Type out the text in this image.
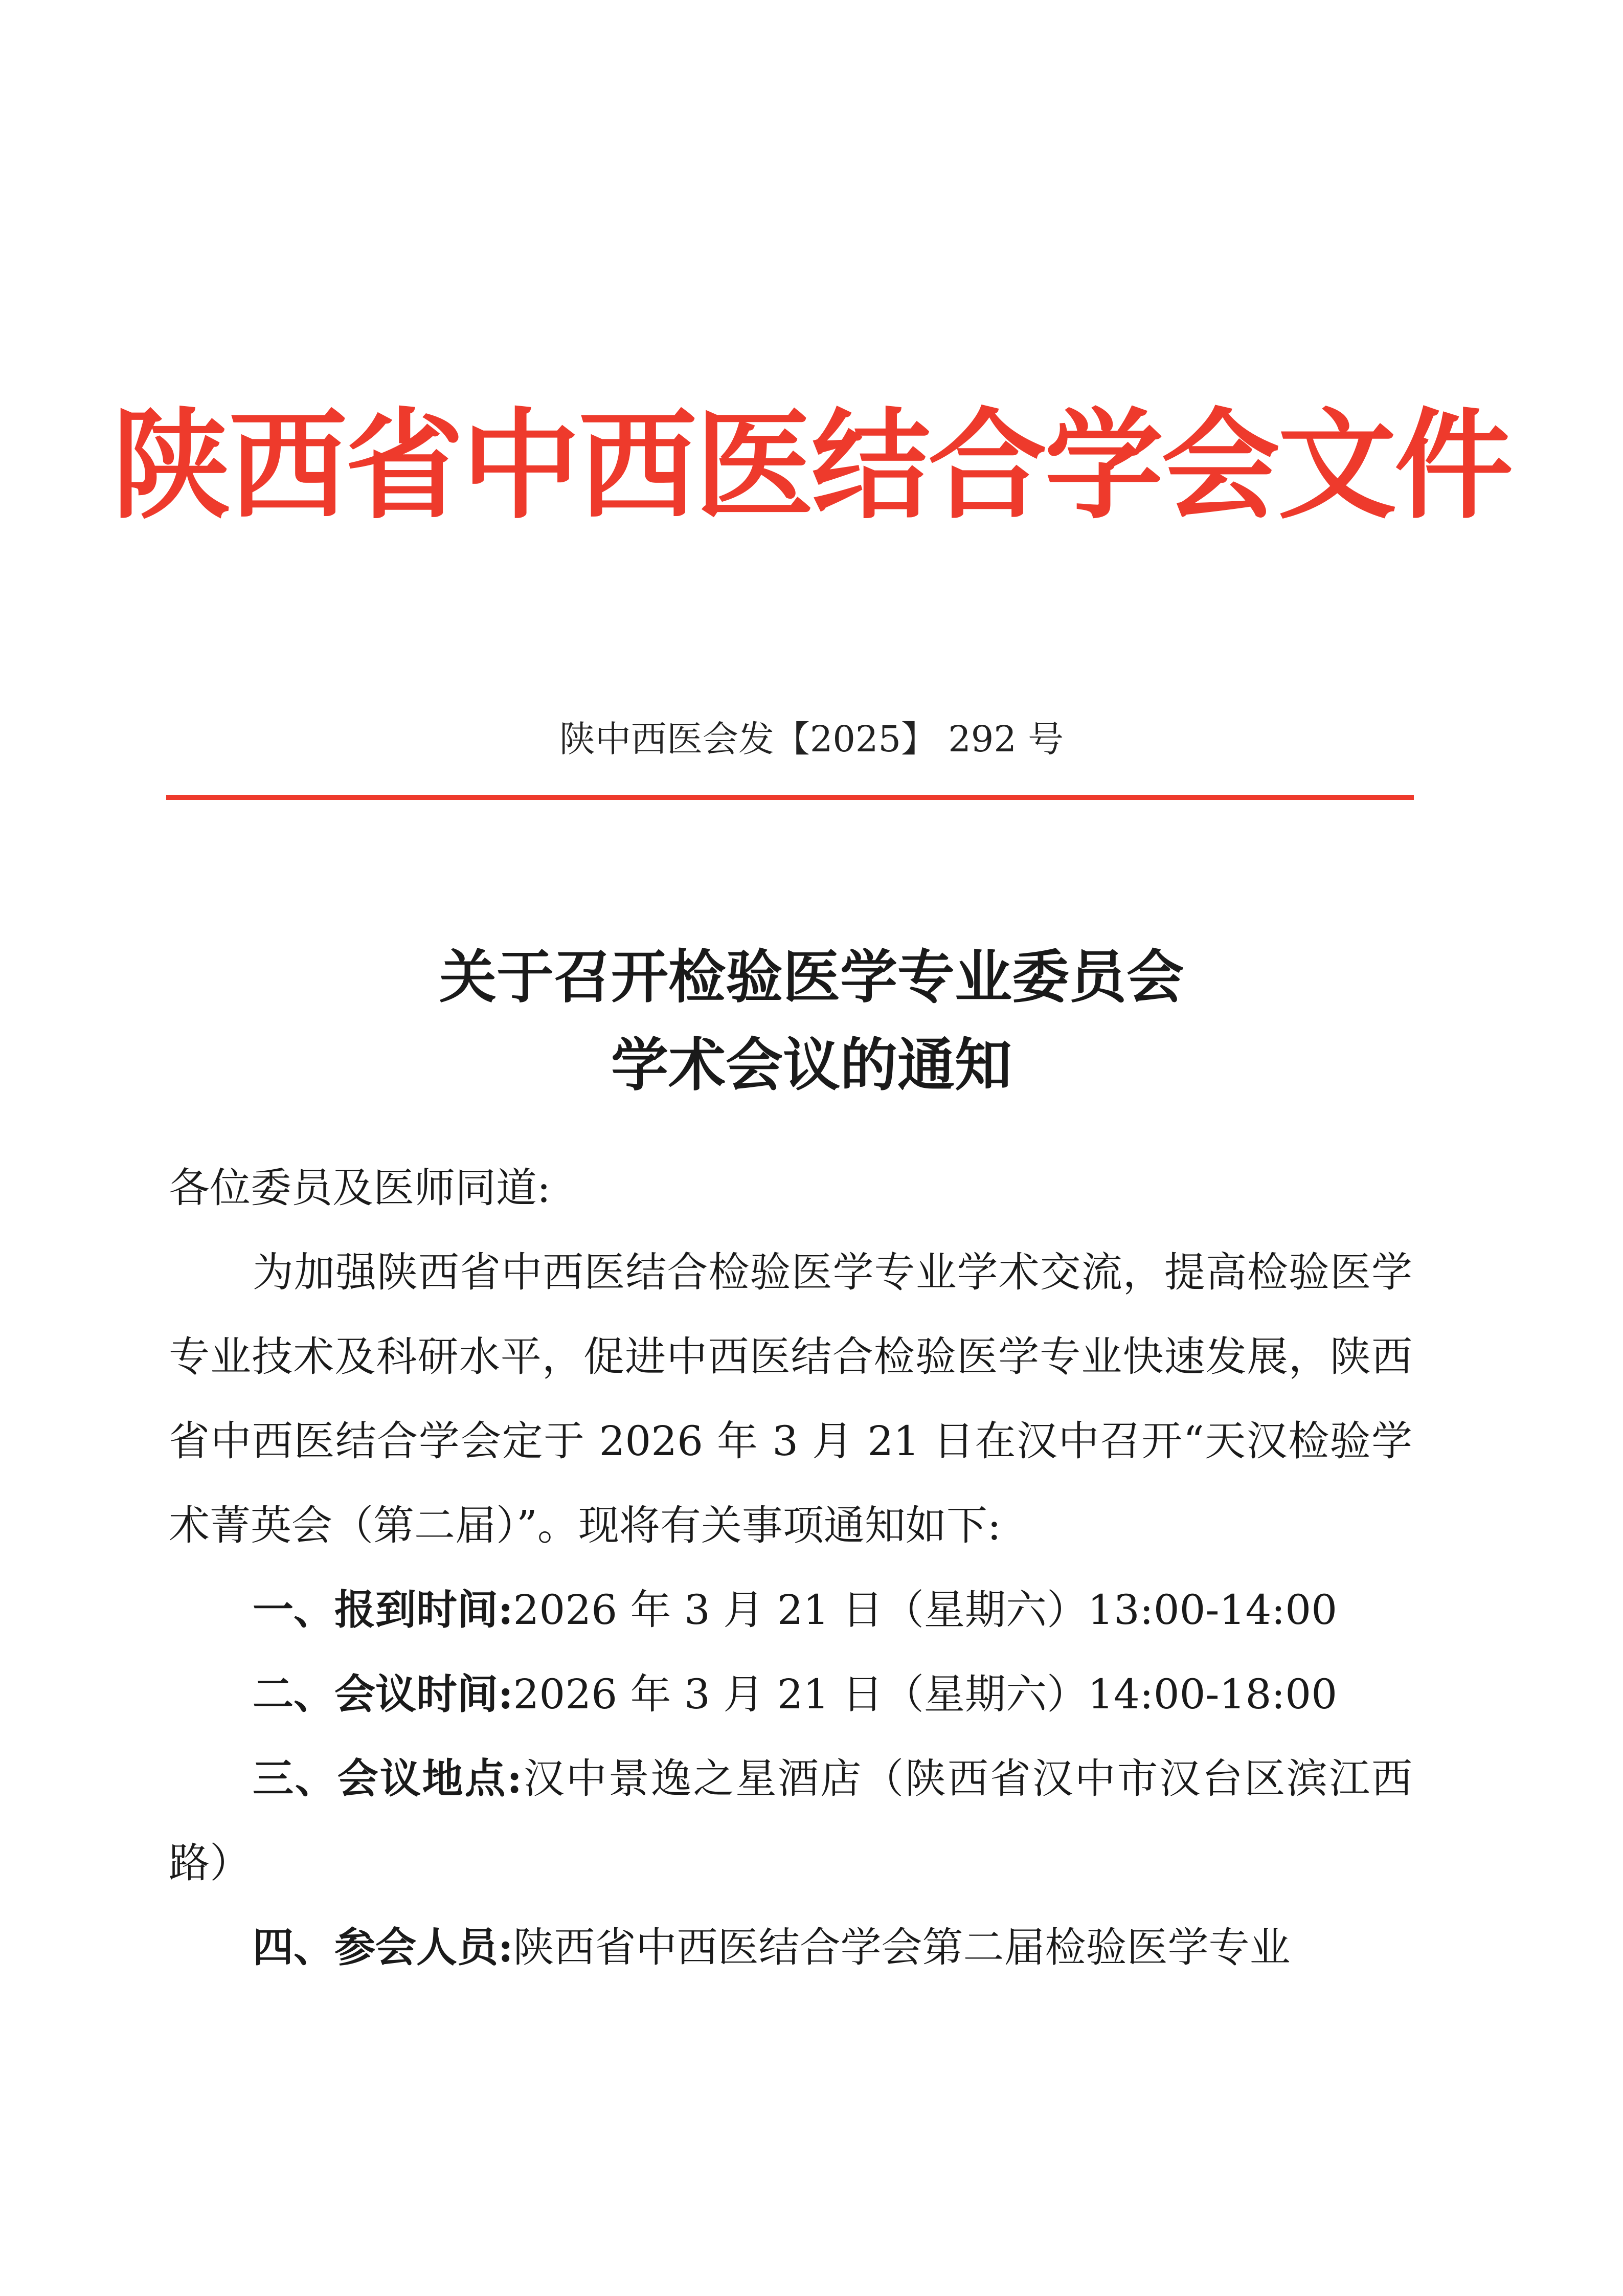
陕西省中西医结合学会文件
陕中西医会发【2025】 292 号
关于召开检验医学专业委员会
学术会议的通知

各位委员及医师同道:

为加强陕西省中西医结合检验医学专业学术交流，提高检验医学专业技术及科研水平，促进中西医结合检验医学专业快速发展，陕西省中西医结合学会定于 2026 年 3 月 21 日在汉中召开“天汉检验学术菁英会（第二届）”。现将有关事项通知如下:

一、报到时间:2026 年 3 月 21 日（星期六）13:00-14:00

二、会议时间:2026 年 3 月 21 日（星期六）14:00-18:00

三、会议地点:汉中景逸之星酒店（陕西省汉中市汉台区滨江西路）

四、参会人员:陕西省中西医结合学会第二届检验医学专业
